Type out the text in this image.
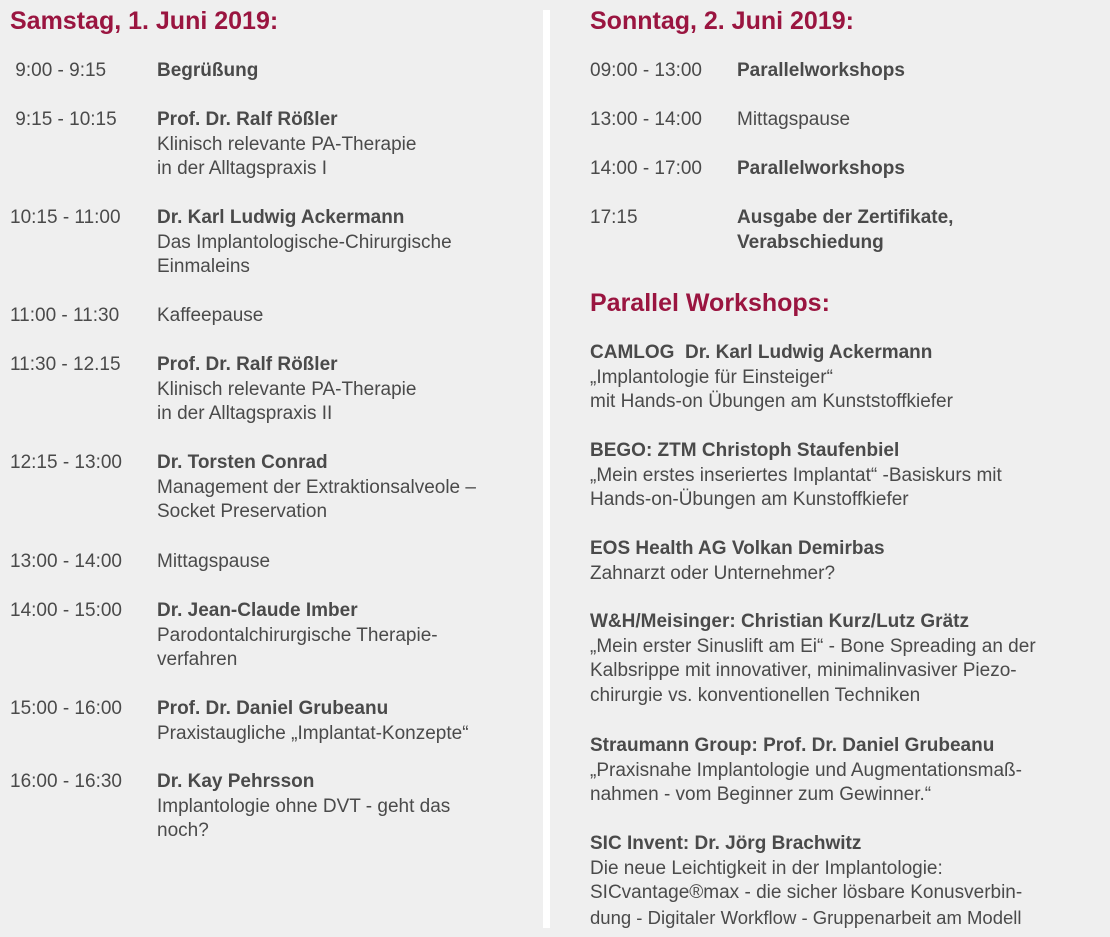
Samstag, 1. Juni 2019:
9:00 - 9:15	Begrüßung
9:15 - 10:15 Prof. Dr. Ralf Rößler
Klinisch relevante PA-Therapie
in der Alltagspraxis I
10:15 - 11:00 Dr. Karl Ludwig Ackermann
Das Implantologische-Chirurgische
Einmaleins
11:00 - 11:30 Kaffeepause
11:30 - 12.15 Prof. Dr. Ralf Rößler
Klinisch relevante PA-Therapie
in der Alltagspraxis II
12:15 - 13:00 Dr. Torsten Conrad
Management der Extraktionsalveole –
Socket Preservation
13:00 - 14:00 Mittagspause
14:00 - 15:00 Dr. Jean-Claude Imber
Parodontalchirurgische Therapie-
verfahren
15:00 - 16:00 Prof. Dr. Daniel Grubeanu
Praxistaugliche „Implantat-Konzepte“
16:00 - 16:30 Dr. Kay Pehrsson
Implantologie ohne DVT - geht das
noch?
Sonntag, 2. Juni 2019:
09:00 - 13:00 Parallelworkshops
13:00 - 14:00 Mittagspause
14:00 - 17:00 Parallelworkshops
17:15	Ausgabe der Zertifikate,
Verabschiedung
Parallel Workshops:
CAMLOG  Dr. Karl Ludwig Ackermann
„Implantologie für Einsteiger“
mit Hands-on Übungen am Kunststoffkiefer
BEGO: ZTM Christoph Staufenbiel
„Mein erstes inseriertes Implantat“ -Basiskurs mit
Hands-on-Übungen am Kunstoffkiefer
EOS Health AG Volkan Demirbas
Zahnarzt oder Unternehmer?
W&H/Meisinger: Christian Kurz/Lutz Grätz
„Mein erster Sinuslift am Ei“ - Bone Spreading an der
Kalbsrippe mit innovativer, minimalinvasiver Piezo-
chirurgie vs. konventionellen Techniken
Straumann Group: Prof. Dr. Daniel Grubeanu
„Praxisnahe Implantologie und Augmentationsmaß-
nahmen - vom Beginner zum Gewinner.“
SIC Invent: Dr. Jörg Brachwitz
Die neue Leichtigkeit in der Implantologie:
SICvantage®max - die sicher lösbare Konusverbin-
dung - Digitaler Workflow - Gruppenarbeit am Modell
